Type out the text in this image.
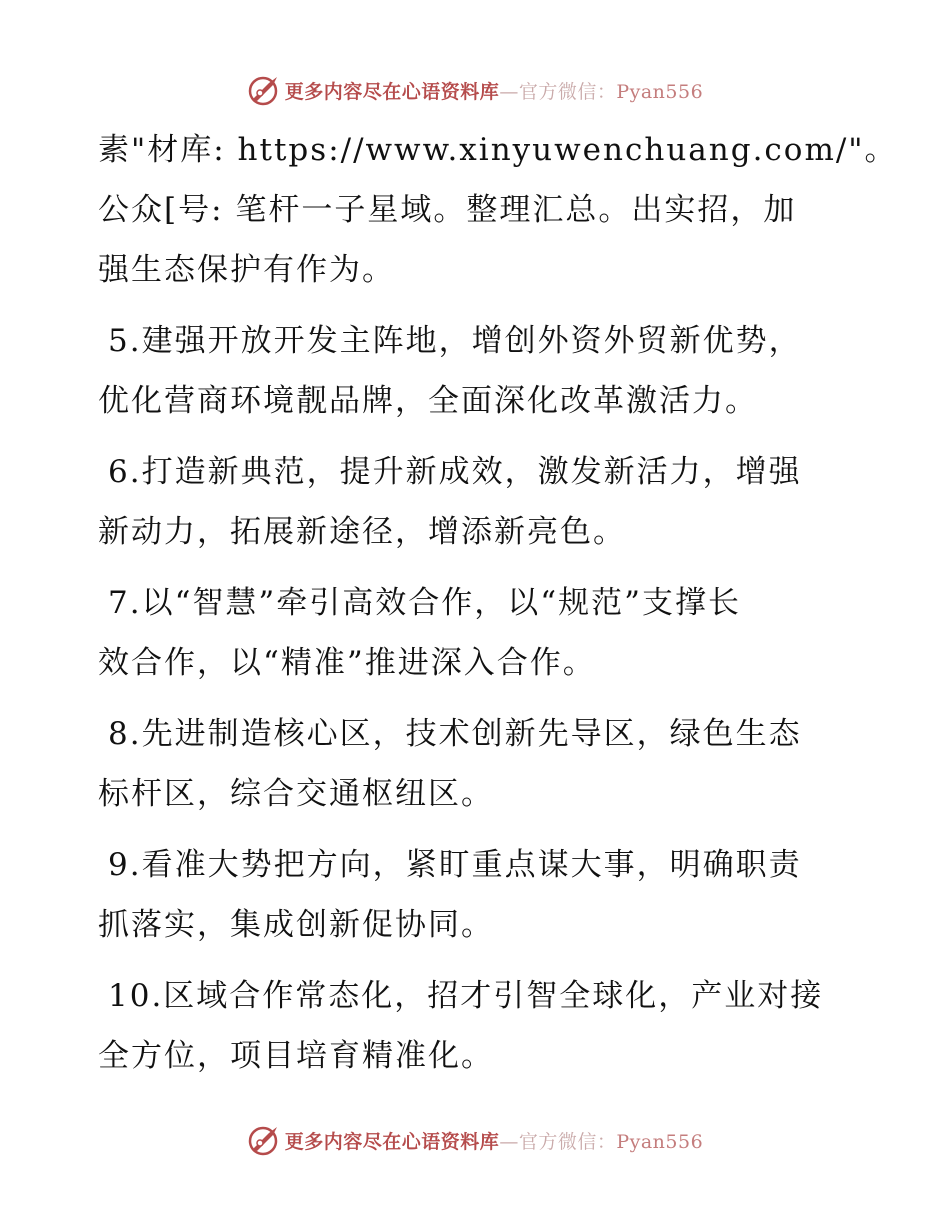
更多内容尽在心语资料库—官方微信：Pyan556
素"材库: https://www.xinyuwenchuang.com/"。
公众[号: 笔杆一子星域。整理汇总。出实招，加
强生态保护有作为。
5.建强开放开发主阵地，增创外资外贸新优势，
优化营商环境靓品牌，全面深化改革激活力。
6.打造新典范，提升新成效，激发新活力，增强
新动力，拓展新途径，增添新亮色。
7.以“智慧”牵引高效合作，以“规范”支撑长
效合作，以“精准”推进深入合作。
8.先进制造核心区，技术创新先导区，绿色生态
标杆区，综合交通枢纽区。
9.看准大势把方向，紧盯重点谋大事，明确职责
抓落实，集成创新促协同。
10.区域合作常态化，招才引智全球化，产业对接
全方位，项目培育精准化。
更多内容尽在心语资料库—官方微信：Pyan556
